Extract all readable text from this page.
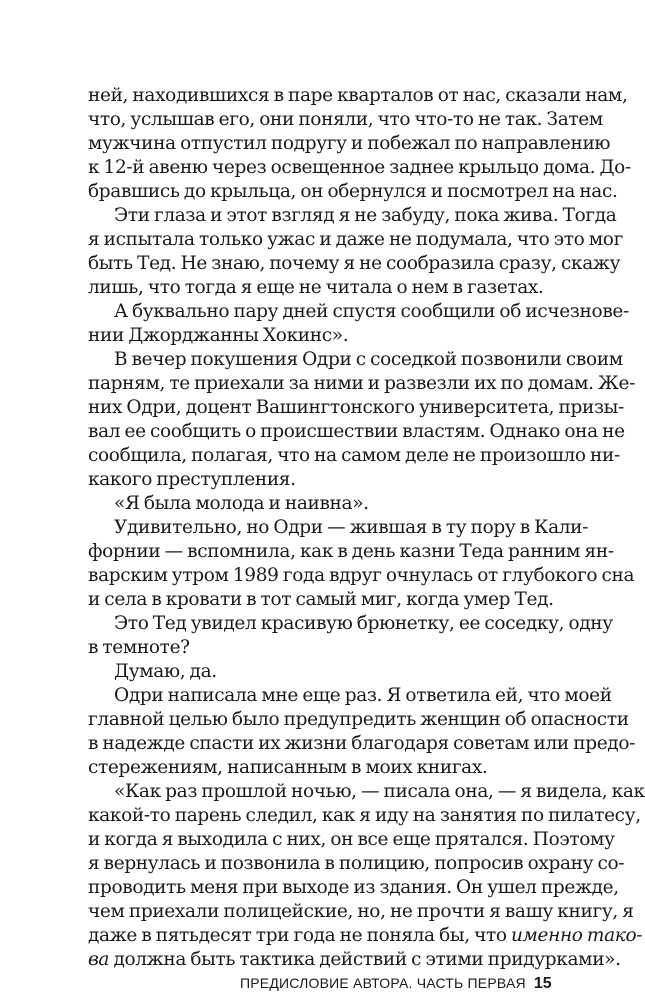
ней, находившихся в паре кварталов от нас, сказали нам,
что, услышав его, они поняли, что что-то не так. Затем
мужчина отпустил подругу и побежал по направлению
к 12-й авеню через освещенное заднее крыльцо дома. До-
бравшись до крыльца, он обернулся и посмотрел на нас.
Эти глаза и этот взгляд я не забуду, пока жива. Тогда
я испытала только ужас и даже не подумала, что это мог
быть Тед. Не знаю, почему я не сообразила сразу, скажу
лишь, что тогда я еще не читала о нем в газетах.
А буквально пару дней спустя сообщили об исчезнове-
нии Джорджанны Хокинс».
В вечер покушения Одри с соседкой позвонили своим
парням, те приехали за ними и развезли их по домам. Же-
них Одри, доцент Вашингтонского университета, призы-
вал ее сообщить о происшествии властям. Однако она не
сообщила, полагая, что на самом деле не произошло ни-
какого преступления.
«Я была молода и наивна».
Удивительно, но Одри — жившая в ту пору в Кали-
форнии — вспомнила, как в день казни Теда ранним ян-
варским утром 1989 года вдруг очнулась от глубокого сна
и села в кровати в тот самый миг, когда умер Тед.
Это Тед увидел красивую брюнетку, ее соседку, одну
в темноте?
Думаю, да.
Одри написала мне еще раз. Я ответила ей, что моей
главной целью было предупредить женщин об опасности
в надежде спасти их жизни благодаря советам или предо-
стережениям, написанным в моих книгах.
«Как раз прошлой ночью, — писала она, — я видела, как
какой-то парень следил, как я иду на занятия по пилатесу,
и когда я выходила с них, он все еще прятался. Поэтому
я вернулась и позвонила в полицию, попросив охрану со-
проводить меня при выходе из здания. Он ушел прежде,
чем приехали полицейские, но, не прочти я вашу книгу, я
даже в пятьдесят три года не поняла бы, что именно тако-
ва должна быть тактика действий с этими придурками».
ПРЕДИСЛОВИЕ АВТОРА. ЧАСТЬ ПЕРВАЯ 15
